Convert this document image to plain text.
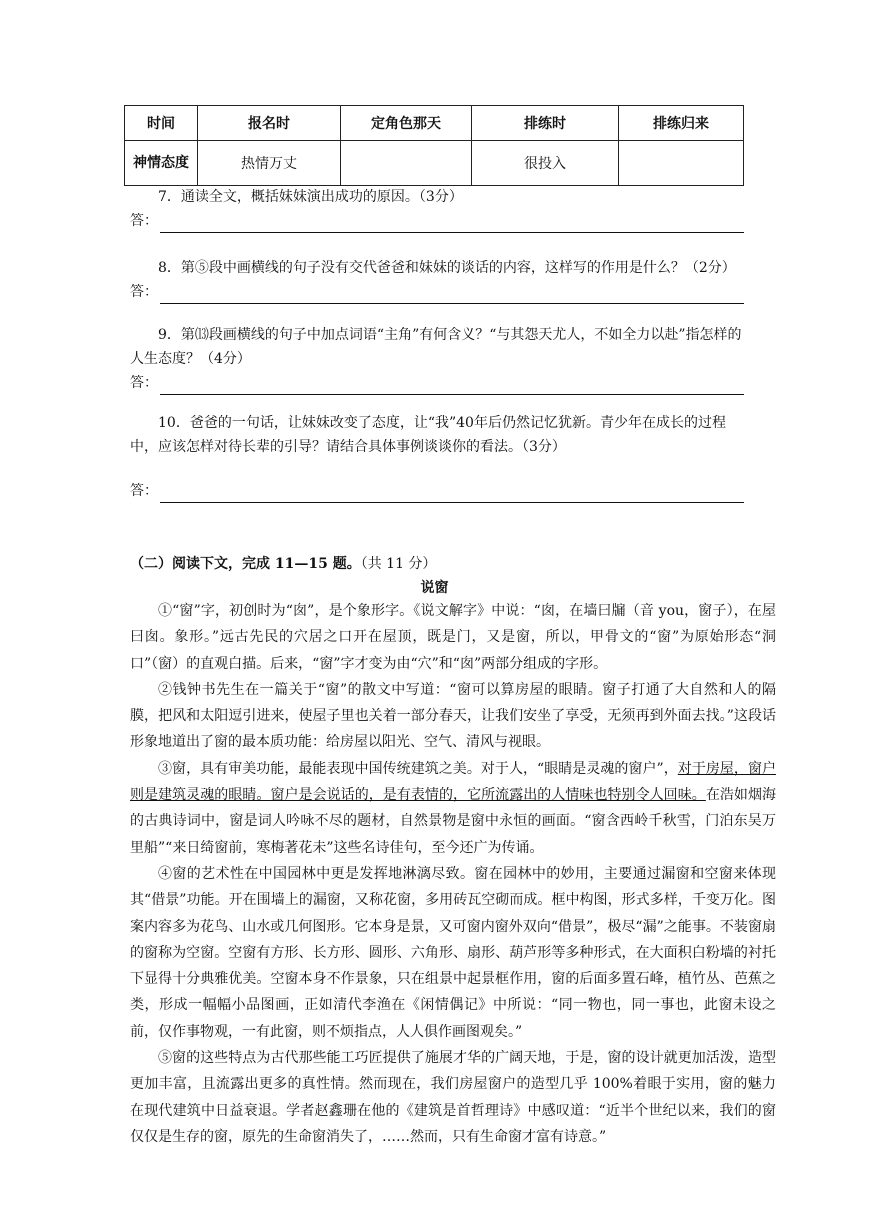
时间	报名时	定角色那天	排练时	排练归来
神情态度	热情万丈		很投入	

7．通读全文，概括妹妹演出成功的原因。（3分）

答：

8．第⑤段中画横线的句子没有交代爸爸和妹妹的谈话的内容，这样写的作用是什么？（2分）

答：

9．第⒀段画横线的句子中加点词语“主角”有何含义？“与其怨天尤人，不如全力以赴”指怎样的人生态度？（4分）

答：

10．爸爸的一句话，让妹妹改变了态度，让“我”40年后仍然记忆犹新。青少年在成长的过程中，应该怎样对待长辈的引导？请结合具体事例谈谈你的看法。（3分）

答：
（二）阅读下文，完成 11—15 题。（共 11 分）
说窗

①“窗”字，初创时为“囱”，是个象形字。《说文解字》中说：“囱，在墙曰牖（音 you，窗子），在屋曰囱。象形。”远古先民的穴居之口开在屋顶，既是门，又是窗，所以，甲骨文的“窗”为原始形态“洞口”（窗）的直观白描。后来，“窗”字才变为由“穴”和“囱”两部分组成的字形。

②钱钟书先生在一篇关于“窗”的散文中写道：“窗可以算房屋的眼睛。窗子打通了大自然和人的隔膜，把风和太阳逗引进来，使屋子里也关着一部分春天，让我们安坐了享受，无须再到外面去找。”这段话形象地道出了窗的最本质功能：给房屋以阳光、空气、清风与视眼。

③窗，具有审美功能，最能表现中国传统建筑之美。对于人，“眼睛是灵魂的窗户”，对于房屋，窗户则是建筑灵魂的眼睛。窗户是会说话的，是有表情的，它所流露出的人情味也特别令人回味。在浩如烟海的古典诗词中，窗是词人吟咏不尽的题材，自然景物是窗中永恒的画面。“窗含西岭千秋雪，门泊东吴万里船”“来日绮窗前，寒梅著花未”这些名诗佳句，至今还广为传诵。

④窗的艺术性在中国园林中更是发挥地淋漓尽致。窗在园林中的妙用，主要通过漏窗和空窗来体现其“借景”功能。开在围墙上的漏窗，又称花窗，多用砖瓦空砌而成。框中构图，形式多样，千变万化。图案内容多为花鸟、山水或几何图形。它本身是景，又可窗内窗外双向“借景”，极尽“漏”之能事。不装窗扇的窗称为空窗。空窗有方形、长方形、圆形、六角形、扇形、葫芦形等多种形式，在大面积白粉墙的衬托下显得十分典雅优美。空窗本身不作景象，只在组景中起景框作用，窗的后面多置石峰，植竹丛、芭蕉之类，形成一幅幅小品图画，正如清代李渔在《闲情偶记》中所说：“同一物也，同一事也，此窗未设之前，仅作事物观，一有此窗，则不烦指点，人人俱作画图观矣。”

⑤窗的这些特点为古代那些能工巧匠提供了施展才华的广阔天地，于是，窗的设计就更加活泼，造型更加丰富，且流露出更多的真性情。然而现在，我们房屋窗户的造型几乎 100%着眼于实用，窗的魅力在现代建筑中日益衰退。学者赵鑫珊在他的《建筑是首哲理诗》中感叹道：“近半个世纪以来，我们的窗仅仅是生存的窗，原先的生命窗消失了，……然而，只有生命窗才富有诗意。”
